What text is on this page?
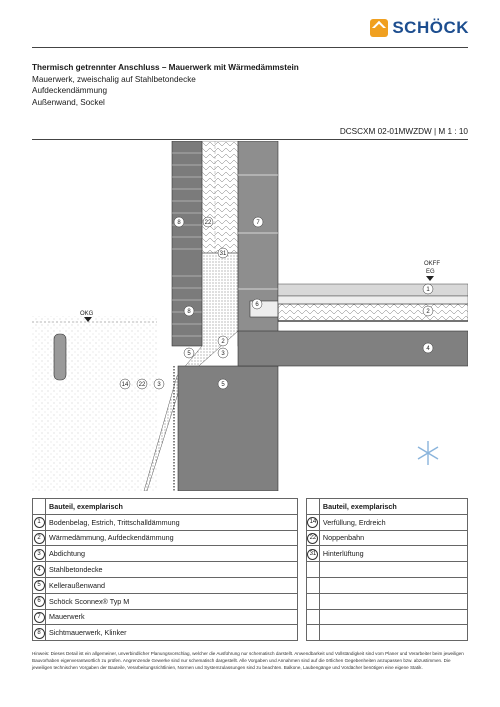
SCHÖCK
Thermisch getrennter Anschluss – Mauerwerk mit Wärmedämmstein
Mauerwerk, zweischalig auf Stahlbetondecke
Aufdeckendämmung
Außenwand, Sockel
DCSCXM 02-01MWZDW | M 1 : 10
OKFF
EG
OKG
1
2
4
31
8	22	7
6
8
2
3
5
5
14 22 3
	Bauteil, exemplarisch			Bauteil, exemplarisch
1	Bodenbelag, Estrich, Trittschalldämmung		14	Verfüllung, Erdreich
2	Wärmedämmung, Aufdeckendämmung		22	Noppenbahn
3	Abdichtung		31	Hinterlüftung
4	Stahlbetondecke			
5	Kelleraußenwand			
6	Schöck Sconnex® Typ M			
7	Mauerwerk			
8	Sichtmauerwerk, Klinker			
Hinweis: Dieses Detail ist ein allgemeiner, unverbindlicher Planungsvorschlag, welcher die Ausführung nur schematisch darstellt. Anwendbarkeit und Vollständigkeit sind vom Planer und Verarbeiter beim jeweiligen Bauvorhaben eigenverantwortlich zu prüfen. Angrenzende Gewerke sind nur schematisch dargestellt. Alle Vorgaben und Annahmen sind auf die örtlichen Gegebenheiten anzupassen bzw. abzustimmen. Die jeweiligen technischen Vorgaben der Bauteile, Verarbeitungsrichtlinien, Normen und Systemzulassungen sind zu beachten. Balkone, Laubengänge und Vordächer benötigen eine eigene Statik.
